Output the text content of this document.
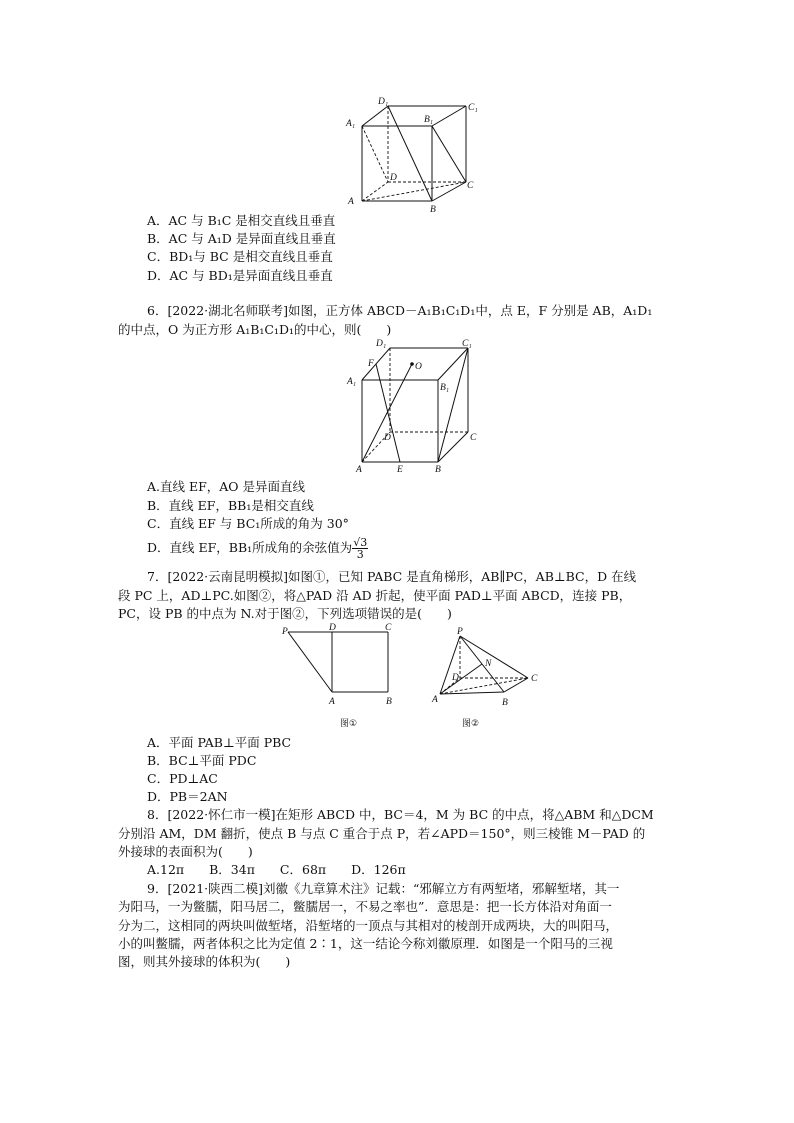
A₁
D₁
B₁
C₁
A
B
C
D
A．AC 与 B₁C 是相交直线且垂直
B．AC 与 A₁D 是异面直线且垂直
C．BD₁与 BC 是相交直线且垂直
D．AC 与 BD₁是异面直线且垂直
6．[2022·湖北名师联考]如图，正方体 ABCD－A₁B₁C₁D₁中，点 E，F 分别是 AB，A₁D₁
的中点，O 为正方形 A₁B₁C₁D₁的中心，则(　　)
D₁	C₁
F	O
A₁
B₁
D	C
A	E	B
A.直线 EF，AO 是异面直线
B．直线 EF，BB₁是相交直线
C．直线 EF 与 BC₁所成的角为 30°
D．直线 EF，BB₁所成角的余弦值为 $\frac{√3}{3}$
7．[2022·云南昆明模拟]如图①，已知 PABC 是直角梯形，AB∥PC，AB⊥BC，D 在线
段 PC 上，AD⊥PC.如图②，将△PAD 沿 AD 折起，使平面 PAD⊥平面 ABCD，连接 PB，
PC，设 PB 的中点为 N.对于图②，下列选项错误的是(　　)
P	D	C
A	B
图①
P
N
D	C
A	B
图②
A．平面 PAB⊥平面 PBC
B．BC⊥平面 PDC
C．PD⊥AC
D．PB＝2AN
8．[2022·怀仁市一模]在矩形 ABCD 中，BC＝4，M 为 BC 的中点，将△ABM 和△DCM
分别沿 AM，DM 翻折，使点 B 与点 C 重合于点 P，若∠APD＝150°，则三棱锥 M－PAD 的
外接球的表面积为(　　)
A.12π　　B．34π　　C．68π　　D．126π
9．[2021·陕西二模]刘徽《九章算术注》记载：“邪解立方有两堑堵，邪解堑堵，其一
为阳马，一为鳖臑，阳马居二，鳖臑居一，不易之率也”．意思是：把一长方体沿对角面一
分为二，这相同的两块叫做堑堵，沿堑堵的一顶点与其相对的棱剖开成两块，大的叫阳马，
小的叫鳖臑，两者体积之比为定值 2∶1，这一结论今称刘徽原理．如图是一个阳马的三视
图，则其外接球的体积为(　　)
